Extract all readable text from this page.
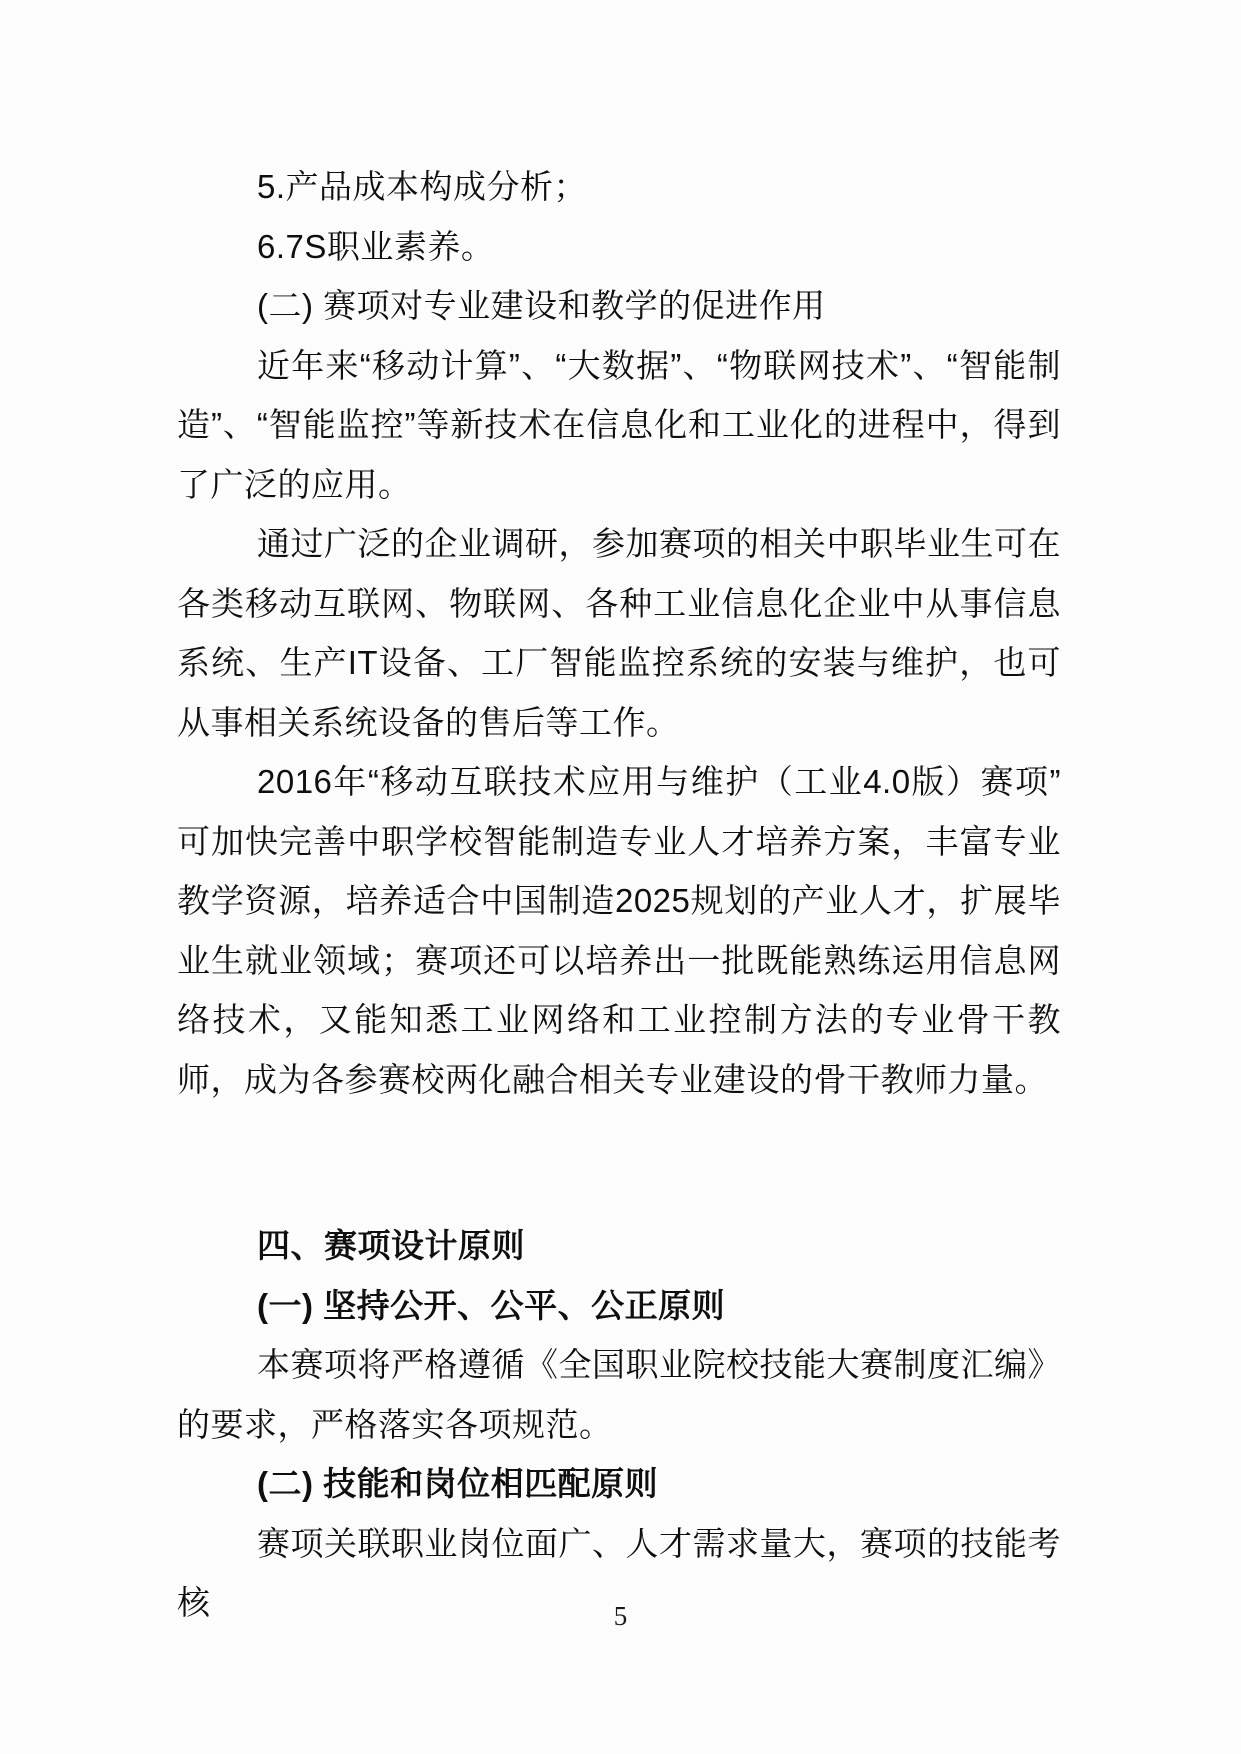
5.产品成本构成分析；

6.7S职业素养。

(二) 赛项对专业建设和教学的促进作用

近年来“移动计算”、“大数据”、“物联网技术”、“智能制造”、“智能监控”等新技术在信息化和工业化的进程中，得到了广泛的应用。

通过广泛的企业调研，参加赛项的相关中职毕业生可在各类移动互联网、物联网、各种工业信息化企业中从事信息系统、生产IT设备、工厂智能监控系统的安装与维护，也可从事相关系统设备的售后等工作。

2016年“移动互联技术应用与维护（工业4.0版）赛项”可加快完善中职学校智能制造专业人才培养方案，丰富专业教学资源，培养适合中国制造2025规划的产业人才，扩展毕业生就业领域；赛项还可以培养出一批既能熟练运用信息网络技术，又能知悉工业网络和工业控制方法的专业骨干教师，成为各参赛校两化融合相关专业建设的骨干教师力量。

四、赛项设计原则

(一) 坚持公开、公平、公正原则

本赛项将严格遵循《全国职业院校技能大赛制度汇编》的要求，严格落实各项规范。

(二) 技能和岗位相匹配原则

赛项关联职业岗位面广、人才需求量大，赛项的技能考核	5
